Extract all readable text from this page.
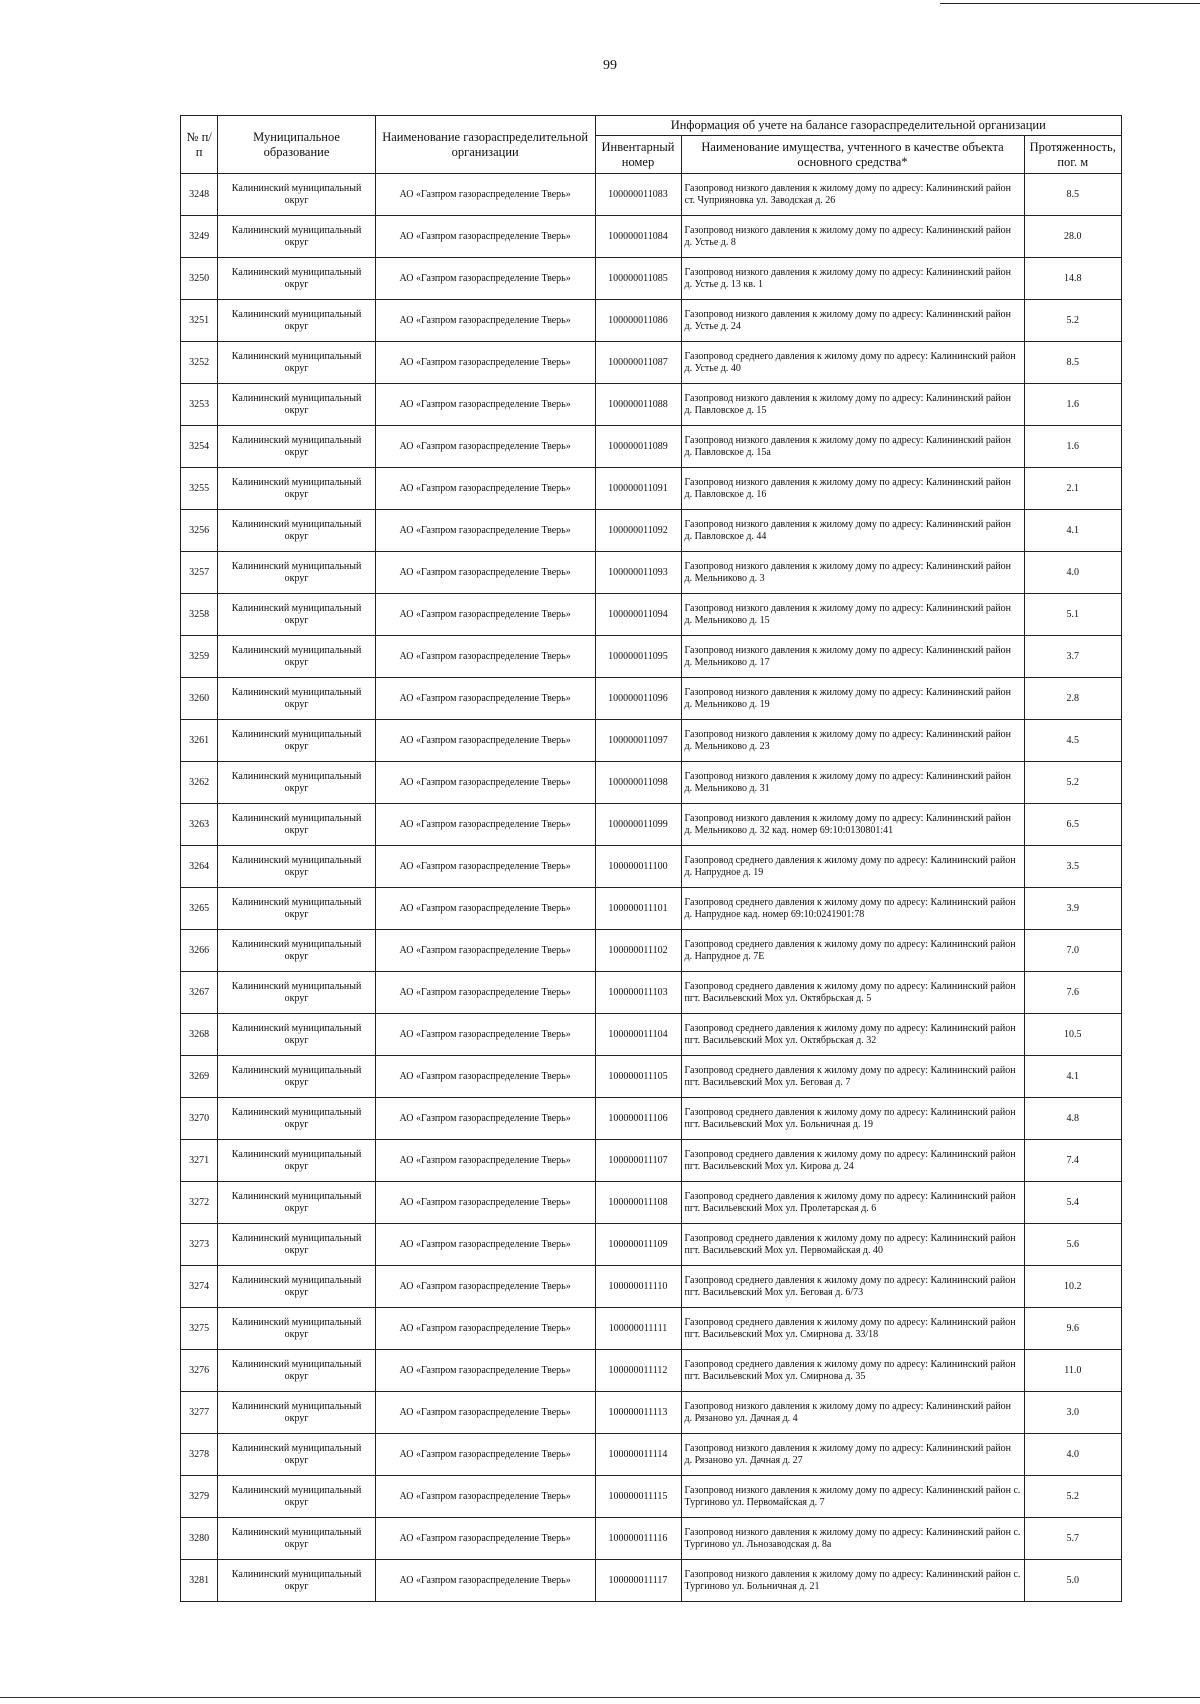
99
№ п/п	Муниципальное образование	Наименование газораспределительной организации	Информация об учете на балансе газораспределительной организации		
			Инвентарный номер	Наименование имущества, учтенного в качестве объекта основного средства*	Протяженность, пог. м
3248	Калининский муниципальный округ	АО «Газпром газораспределение Тверь»	100000011083	Газопровод низкого давления к жилому дому по адресу: Калининский район ст. Чуприяновка ул. Заводская д. 26	8.5
3249	Калининский муниципальный округ	АО «Газпром газораспределение Тверь»	100000011084	Газопровод низкого давления к жилому дому по адресу: Калининский район д. Устье д. 8	28.0
3250	Калининский муниципальный округ	АО «Газпром газораспределение Тверь»	100000011085	Газопровод низкого давления к жилому дому по адресу: Калининский район д. Устье д. 13 кв. 1	14.8
3251	Калининский муниципальный округ	АО «Газпром газораспределение Тверь»	100000011086	Газопровод низкого давления к жилому дому по адресу: Калининский район д. Устье д. 24	5.2
3252	Калининский муниципальный округ	АО «Газпром газораспределение Тверь»	100000011087	Газопровод среднего давления к жилому дому по адресу: Калининский район д. Устье д. 40	8.5
3253	Калининский муниципальный округ	АО «Газпром газораспределение Тверь»	100000011088	Газопровод низкого давления к жилому дому по адресу: Калининский район д. Павловское д. 15	1.6
3254	Калининский муниципальный округ	АО «Газпром газораспределение Тверь»	100000011089	Газопровод низкого давления к жилому дому по адресу: Калининский район д. Павловское д. 15а	1.6
3255	Калининский муниципальный округ	АО «Газпром газораспределение Тверь»	100000011091	Газопровод низкого давления к жилому дому по адресу: Калининский район д. Павловское д. 16	2.1
3256	Калининский муниципальный округ	АО «Газпром газораспределение Тверь»	100000011092	Газопровод низкого давления к жилому дому по адресу: Калининский район д. Павловское д. 44	4.1
3257	Калининский муниципальный округ	АО «Газпром газораспределение Тверь»	100000011093	Газопровод низкого давления к жилому дому по адресу: Калининский район д. Мельниково д. 3	4.0
3258	Калининский муниципальный округ	АО «Газпром газораспределение Тверь»	100000011094	Газопровод низкого давления к жилому дому по адресу: Калининский район д. Мельниково д. 15	5.1
3259	Калининский муниципальный округ	АО «Газпром газораспределение Тверь»	100000011095	Газопровод низкого давления к жилому дому по адресу: Калининский район д. Мельниково д. 17	3.7
3260	Калининский муниципальный округ	АО «Газпром газораспределение Тверь»	100000011096	Газопровод низкого давления к жилому дому по адресу: Калининский район д. Мельниково д. 19	2.8
3261	Калининский муниципальный округ	АО «Газпром газораспределение Тверь»	100000011097	Газопровод низкого давления к жилому дому по адресу: Калининский район д. Мельниково д. 23	4.5
3262	Калининский муниципальный округ	АО «Газпром газораспределение Тверь»	100000011098	Газопровод низкого давления к жилому дому по адресу: Калининский район д. Мельниково д. 31	5.2
3263	Калининский муниципальный округ	АО «Газпром газораспределение Тверь»	100000011099	Газопровод низкого давления к жилому дому по адресу: Калининский район д. Мельниково д. 32 кад. номер 69:10:0130801:41	6.5
3264	Калининский муниципальный округ	АО «Газпром газораспределение Тверь»	100000011100	Газопровод среднего давления к жилому дому по адресу: Калининский район д. Напрудное д. 19	3.5
3265	Калининский муниципальный округ	АО «Газпром газораспределение Тверь»	100000011101	Газопровод среднего давления к жилому дому по адресу: Калининский район д. Напрудное кад. номер 69:10:0241901:78	3.9
3266	Калининский муниципальный округ	АО «Газпром газораспределение Тверь»	100000011102	Газопровод среднего давления к жилому дому по адресу: Калининский район д. Напрудное д. 7Е	7.0
3267	Калининский муниципальный округ	АО «Газпром газораспределение Тверь»	100000011103	Газопровод среднего давления к жилому дому по адресу: Калининский район пгт. Васильевский Мох ул. Октябрьская д. 5	7.6
3268	Калининский муниципальный округ	АО «Газпром газораспределение Тверь»	100000011104	Газопровод среднего давления к жилому дому по адресу: Калининский район пгт. Васильевский Мох ул. Октябрьская д. 32	10.5
3269	Калининский муниципальный округ	АО «Газпром газораспределение Тверь»	100000011105	Газопровод среднего давления к жилому дому по адресу: Калининский район пгт. Васильевский Мох ул. Беговая д. 7	4.1
3270	Калининский муниципальный округ	АО «Газпром газораспределение Тверь»	100000011106	Газопровод среднего давления к жилому дому по адресу: Калининский район пгт. Васильевский Мох ул. Больничная д. 19	4.8
3271	Калининский муниципальный округ	АО «Газпром газораспределение Тверь»	100000011107	Газопровод среднего давления к жилому дому по адресу: Калининский район пгт. Васильевский Мох ул. Кирова д. 24	7.4
3272	Калининский муниципальный округ	АО «Газпром газораспределение Тверь»	100000011108	Газопровод среднего давления к жилому дому по адресу: Калининский район пгт. Васильевский Мох ул. Пролетарская д. 6	5.4
3273	Калининский муниципальный округ	АО «Газпром газораспределение Тверь»	100000011109	Газопровод среднего давления к жилому дому по адресу: Калининский район пгт. Васильевский Мох ул. Первомайская д. 40	5.6
3274	Калининский муниципальный округ	АО «Газпром газораспределение Тверь»	100000011110	Газопровод среднего давления к жилому дому по адресу: Калининский район пгт. Васильевский Мох ул. Беговая д. 6/73	10.2
3275	Калининский муниципальный округ	АО «Газпром газораспределение Тверь»	100000011111	Газопровод среднего давления к жилому дому по адресу: Калининский район пгт. Васильевский Мох ул. Смирнова д. 33/18	9.6
3276	Калининский муниципальный округ	АО «Газпром газораспределение Тверь»	100000011112	Газопровод среднего давления к жилому дому по адресу: Калининский район пгт. Васильевский Мох ул. Смирнова д. 35	11.0
3277	Калининский муниципальный округ	АО «Газпром газораспределение Тверь»	100000011113	Газопровод низкого давления к жилому дому по адресу: Калининский район д. Рязаново ул. Дачная д. 4	3.0
3278	Калининский муниципальный округ	АО «Газпром газораспределение Тверь»	100000011114	Газопровод низкого давления к жилому дому по адресу: Калининский район д. Рязаново ул. Дачная д. 27	4.0
3279	Калининский муниципальный округ	АО «Газпром газораспределение Тверь»	100000011115	Газопровод низкого давления к жилому дому по адресу: Калининский район с. Тургиново ул. Первомайская д. 7	5.2
3280	Калининский муниципальный округ	АО «Газпром газораспределение Тверь»	100000011116	Газопровод низкого давления к жилому дому по адресу: Калининский район с. Тургиново ул. Льнозаводская д. 8а	5.7
3281	Калининский муниципальный округ	АО «Газпром газораспределение Тверь»	100000011117	Газопровод низкого давления к жилому дому по адресу: Калининский район с. Тургиново ул. Больничная д. 21	5.0
